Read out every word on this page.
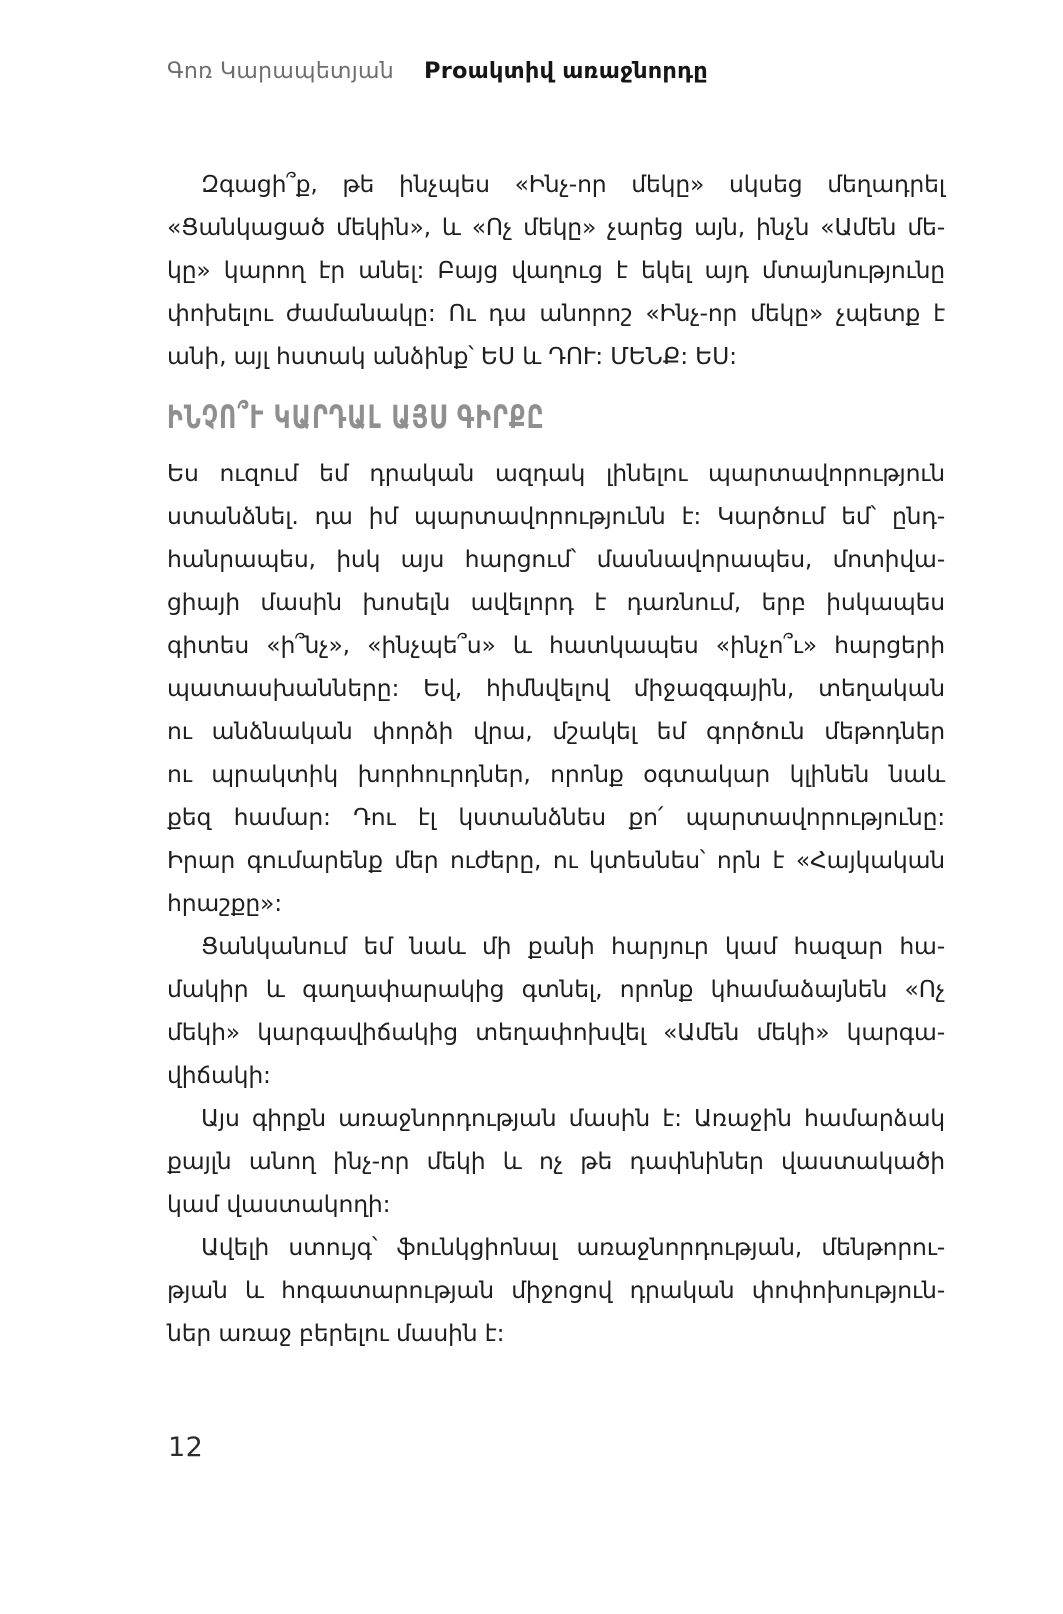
Գոռ Կարապետյան Proակտիվ առաջնորդը
Զգացի՞ք, թե ինչպես «Ինչ-որ մեկը» սկսեց մեղադրել
«Ցանկացած մեկին», և «Ոչ մեկը» չարեց այն, ինչն «Ամեն մե-
կը» կարող էր անել: Բայց վաղուց է եկել այդ մտայնությունը
փոխելու ժամանակը: Ու դա անորոշ «Ինչ-որ մեկը» չպետք է
անի, այլ հստակ անձինք՝ ԵՍ և ԴՈՒ: ՄԵՆՔ: ԵՍ:
ԻՆՉՈ՞Ւ ԿԱՐԴԱԼ ԱՅՍ ԳԻՐՔԸ
Ես ուզում եմ դրական ազդակ լինելու պարտավորություն
ստանձնել. դա իմ պարտավորությունն է: Կարծում եմ՝ ընդ-
հանրապես, իսկ այս հարցում՝ մասնավորապես, մոտիվա-
ցիայի մասին խոսելն ավելորդ է դառնում, երբ իսկապես
գիտես «ի՞նչ», «ինչպե՞ս» և հատկապես «ինչո՞ւ» հարցերի
պատասխանները: Եվ, հիմնվելով միջազգային, տեղական
ու անձնական փորձի վրա, մշակել եմ գործուն մեթոդներ
ու պրակտիկ խորհուրդներ, որոնք օգտակար կլինեն նաև
քեզ համար: Դու էլ կստանձնես քո՛ պարտավորությունը:
Իրար գումարենք մեր ուժերը, ու կտեսնես՝ որն է «Հայկական
հրաշքը»:
Ցանկանում եմ նաև մի քանի հարյուր կամ հազար հա-
մակիր և գաղափարակից գտնել, որոնք կհամաձայնեն «Ոչ
մեկի» կարգավիճակից տեղափոխվել «Ամեն մեկի» կարգա-
վիճակի:
Այս գիրքն առաջնորդության մասին է: Առաջին համարձակ
քայլն անող ինչ-որ մեկի և ոչ թե դափնիներ վաստակածի
կամ վաստակողի:
Ավելի ստույգ՝ ֆունկցիոնալ առաջնորդության, մենթորու-
թյան և հոգատարության միջոցով դրական փոփոխություն-
ներ առաջ բերելու մասին է:
12
